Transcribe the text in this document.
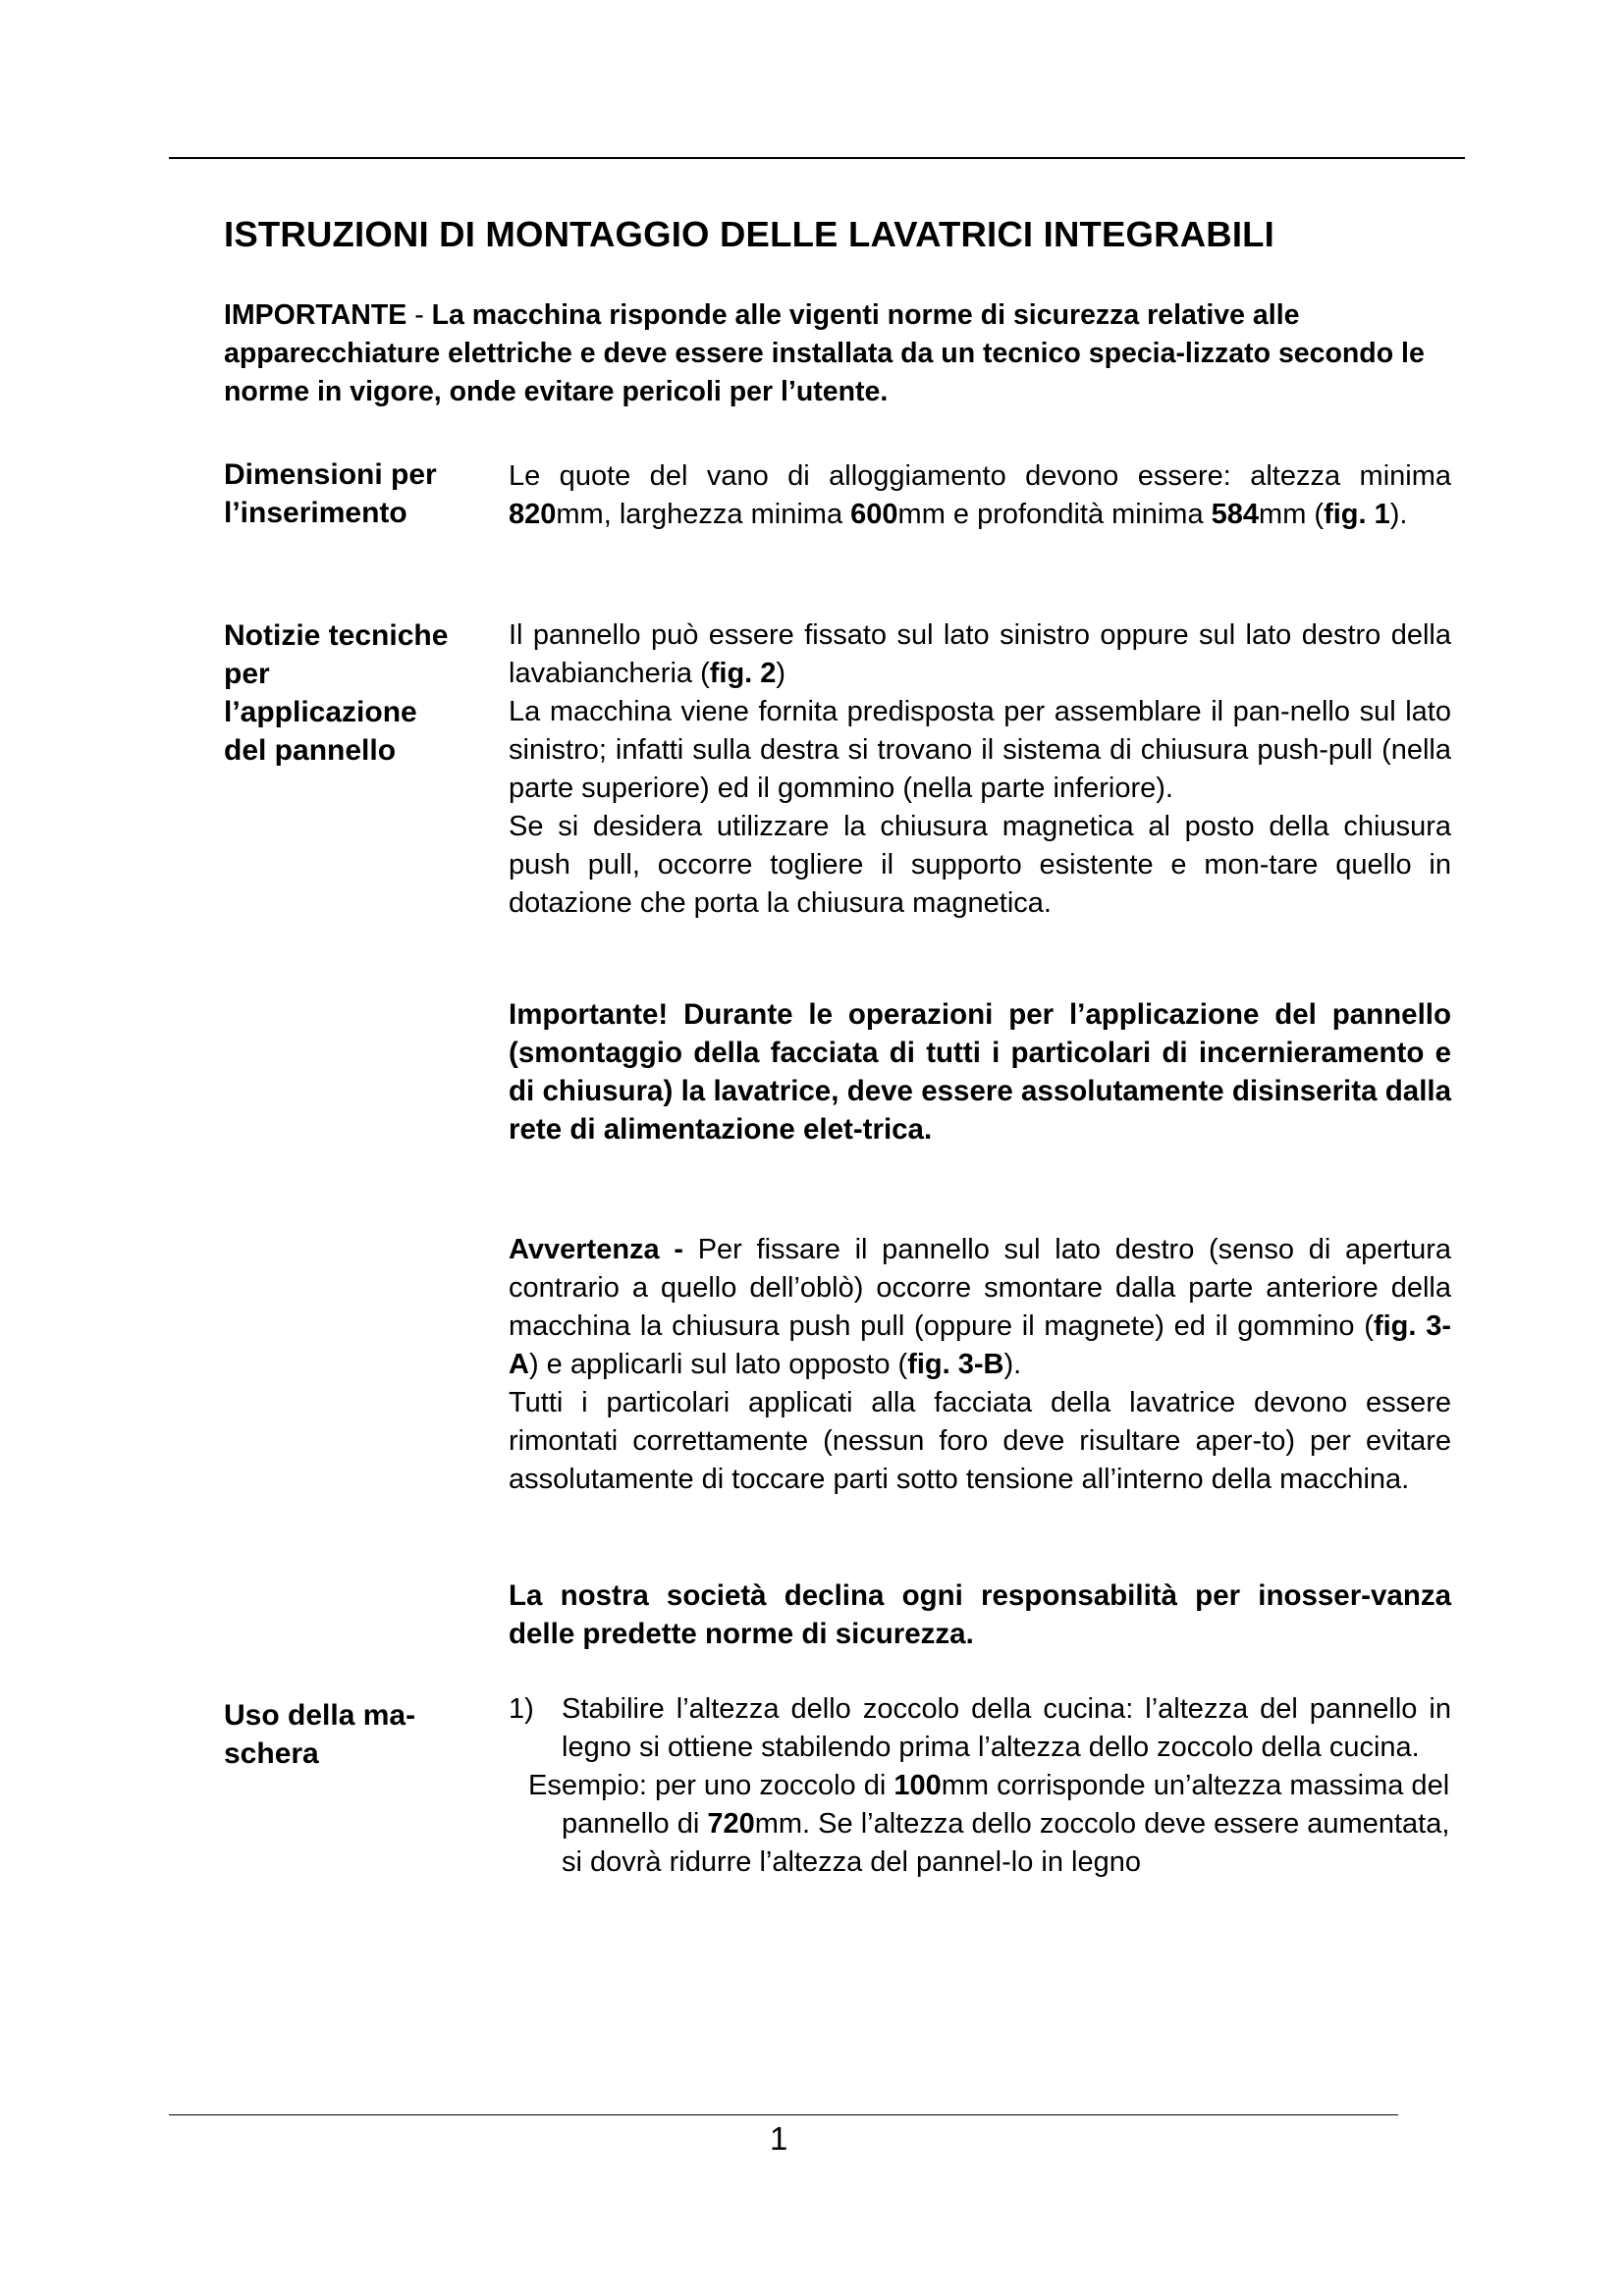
ISTRUZIONI DI MONTAGGIO DELLE LAVATRICI INTEGRABILI

IMPORTANTE - La macchina risponde alle vigenti norme di sicurezza relative alle apparecchiature elettriche e deve essere installata da un tecnico specia-lizzato secondo le norme in vigore, onde evitare pericoli per l’utente.

Dimensioni per
l’inserimento

Le quote del vano di alloggiamento devono essere: altezza minima 820mm, larghezza minima 600mm e profondità minima 584mm (fig. 1).

Notizie tecniche
per
l’applicazione
del pannello

Il pannello può essere fissato sul lato sinistro oppure sul lato destro della lavabiancheria (fig. 2)
La macchina viene fornita predisposta per assemblare il pan-nello sul lato sinistro; infatti sulla destra si trovano il sistema di chiusura push-pull (nella parte superiore) ed il gommino (nella parte inferiore).
Se si desidera utilizzare la chiusura magnetica al posto della chiusura push pull, occorre togliere il supporto esistente e mon-tare quello in dotazione che porta la chiusura magnetica.

Importante! Durante le operazioni per l’applicazione del pannello (smontaggio della facciata di tutti i particolari di incernieramento e di chiusura) la lavatrice, deve essere assolutamente disinserita dalla rete di alimentazione elet-trica.

Avvertenza - Per fissare il pannello sul lato destro (senso di apertura contrario a quello dell’oblò) occorre smontare dalla parte anteriore della macchina la chiusura push pull (oppure il magnete) ed il gommino (fig. 3-A) e applicarli sul lato opposto (fig. 3-B).
Tutti i particolari applicati alla facciata della lavatrice devono essere rimontati correttamente (nessun foro deve risultare aper-to) per evitare assolutamente di toccare parti sotto tensione all’interno della macchina.

La nostra società declina ogni responsabilità per inosser-vanza delle predette norme di sicurezza.

Uso della ma-
schera

1) Stabilire l’altezza dello zoccolo della cucina: l’altezza del pannello in legno si ottiene stabilendo prima l’altezza dello zoccolo della cucina.

Esempio: per uno zoccolo di 100mm corrisponde un’altezza massima del pannello di 720mm. Se l’altezza dello zoccolo deve essere aumentata, si dovrà ridurre l’altezza del pannel-lo in legno

1
